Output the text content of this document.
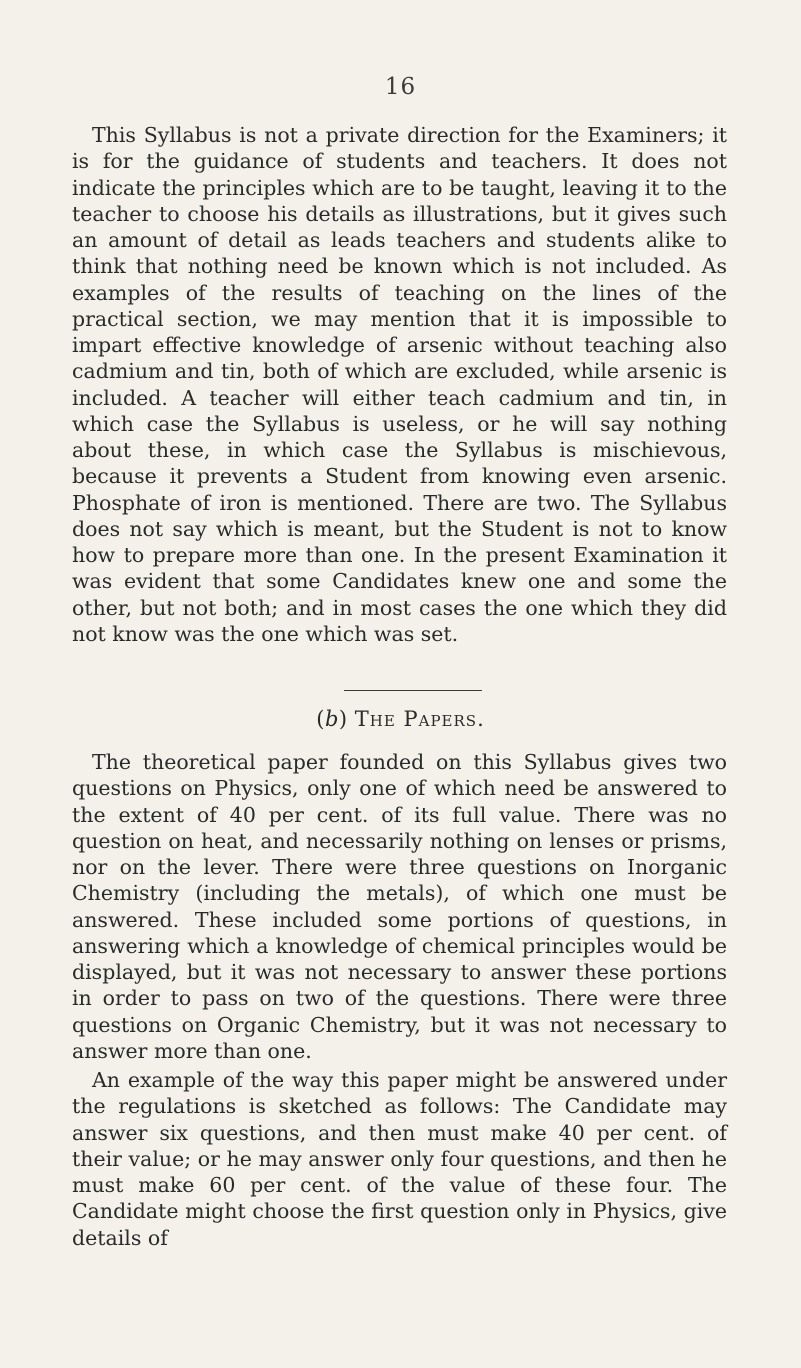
16

This Syllabus is not a private direction for the Examiners; it is for the guidance of students and teachers. It does not indicate the principles which are to be taught, leaving it to the teacher to choose his details as illustrations, but it gives such an amount of detail as leads teachers and students alike to think that nothing need be known which is not included. As examples of the results of teaching on the lines of the practical section, we may mention that it is impossible to impart effective knowledge of arsenic without teaching also cadmium and tin, both of which are excluded, while arsenic is included. A teacher will either teach cadmium and tin, in which case the Syllabus is useless, or he will say nothing about these, in which case the Syllabus is mischievous, because it prevents a Student from knowing even arsenic. Phosphate of iron is mentioned. There are two. The Syllabus does not say which is meant, but the Student is not to know how to prepare more than one. In the present Examination it was evident that some Candidates knew one and some the other, but not both; and in most cases the one which they did not know was the one which was set.

(b) The Papers.

The theoretical paper founded on this Syllabus gives two questions on Physics, only one of which need be answered to the extent of 40 per cent. of its full value. There was no question on heat, and necessarily nothing on lenses or prisms, nor on the lever. There were three questions on Inorganic Chemistry (including the metals), of which one must be answered. These included some portions of questions, in answering which a knowledge of chemical principles would be displayed, but it was not necessary to answer these portions in order to pass on two of the questions. There were three questions on Organic Chemistry, but it was not necessary to answer more than one.

An example of the way this paper might be answered under the regulations is sketched as follows: The Candidate may answer six questions, and then must make 40 per cent. of their value; or he may answer only four questions, and then he must make 60 per cent. of the value of these four. The Candidate might choose the first question only in Physics, give details of
